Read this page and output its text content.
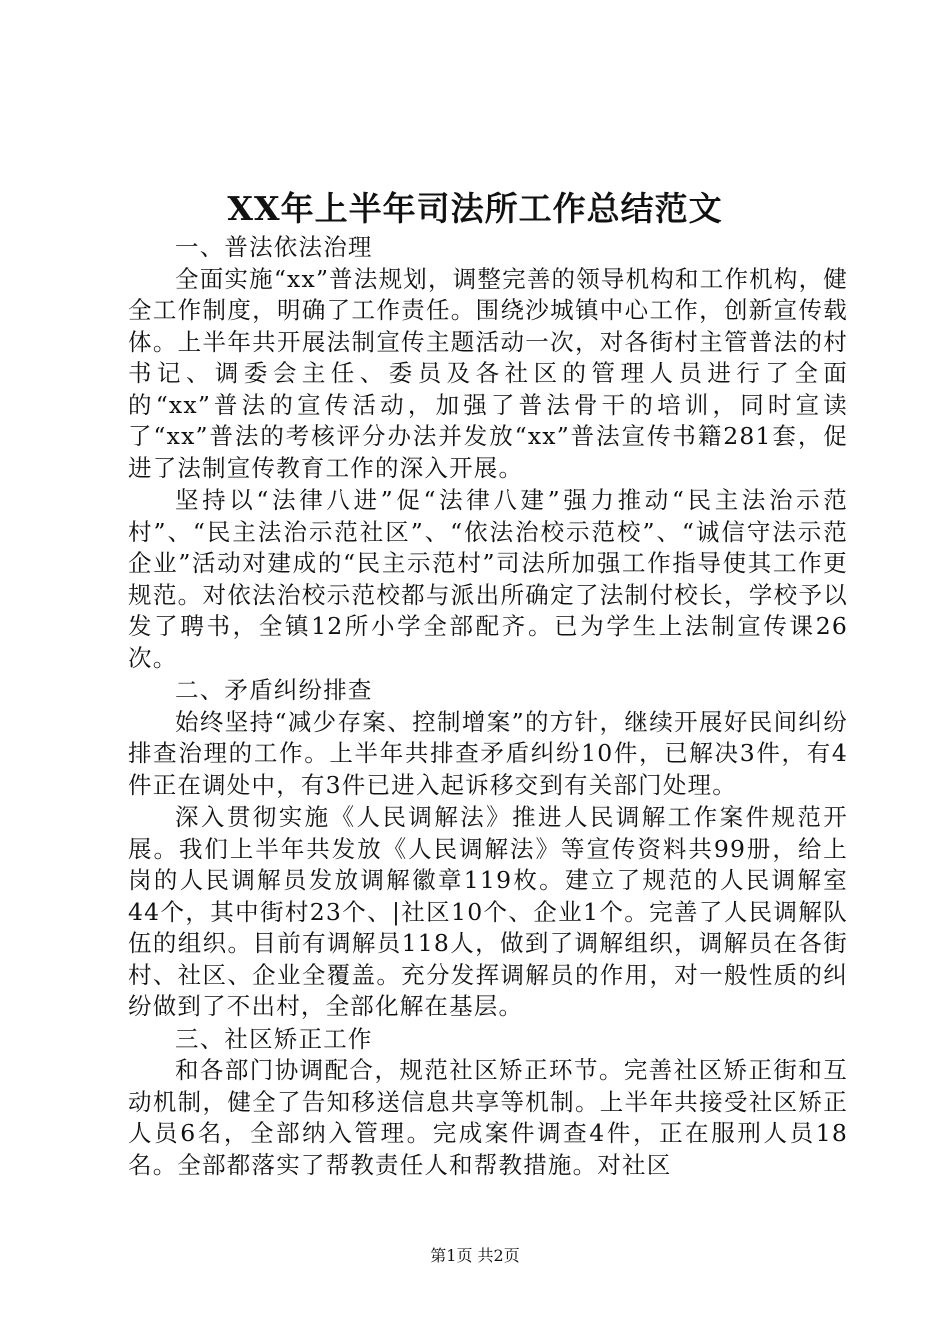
XX年上半年司法所工作总结范文

一、普法依法治理

全面实施“xx”普法规划，调整完善的领导机构和工作机构，健全工作制度，明确了工作责任。围绕沙城镇中心工作，创新宣传载体。上半年共开展法制宣传主题活动一次，对各街村主管普法的村书记、调委会主任、委员及各社区的管理人员进行了全面的“xx”普法的宣传活动，加强了普法骨干的培训，同时宣读了“xx”普法的考核评分办法并发放“xx”普法宣传书籍281套，促进了法制宣传教育工作的深入开展。

坚持以“法律八进”促“法律八建”强力推动“民主法治示范村”、“民主法治示范社区”、“依法治校示范校”、“诚信守法示范企业”活动对建成的“民主示范村”司法所加强工作指导使其工作更规范。对依法治校示范校都与派出所确定了法制付校长，学校予以发了聘书，全镇12所小学全部配齐。已为学生上法制宣传课26次。

二、矛盾纠纷排查

始终坚持“减少存案、控制增案”的方针，继续开展好民间纠纷排查治理的工作。上半年共排查矛盾纠纷10件，已解决3件，有4件正在调处中，有3件已进入起诉移交到有关部门处理。

深入贯彻实施《人民调解法》推进人民调解工作案件规范开展。我们上半年共发放《人民调解法》等宣传资料共99册，给上岗的人民调解员发放调解徽章119枚。建立了规范的人民调解室44个，其中街村23个、|社区10个、企业1个。完善了人民调解队伍的组织。目前有调解员118人，做到了调解组织，调解员在各街村、社区、企业全覆盖。充分发挥调解员的作用，对一般性质的纠纷做到了不出村，全部化解在基层。

三、社区矫正工作

和各部门协调配合，规范社区矫正环节。完善社区矫正街和互动机制，健全了告知移送信息共享等机制。上半年共接受社区矫正人员6名，全部纳入管理。完成案件调查4件，正在服刑人员18名。全部都落实了帮教责任人和帮教措施。对社区

第1页 共2页
